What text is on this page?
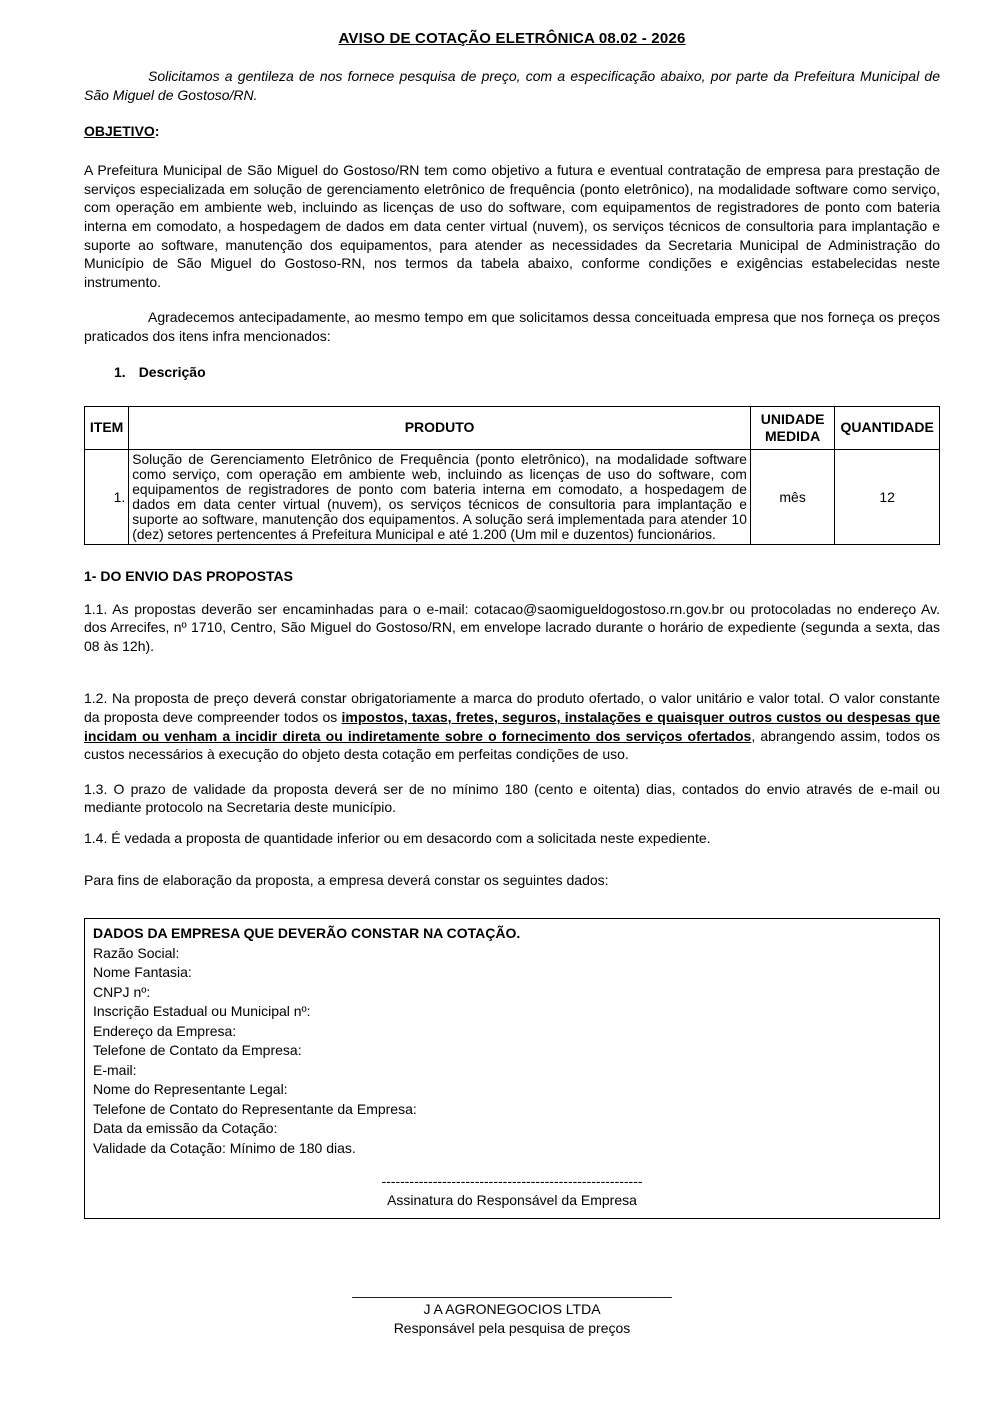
AVISO DE COTAÇÃO ELETRÔNICA 08.02 - 2026

Solicitamos a gentileza de nos fornece pesquisa de preço, com a especificação abaixo, por parte da Prefeitura Municipal de São Miguel de Gostoso/RN.

OBJETIVO:

A Prefeitura Municipal de São Miguel do Gostoso/RN tem como objetivo a futura e eventual contratação de empresa para prestação de serviços especializada em solução de gerenciamento eletrônico de frequência (ponto eletrônico), na modalidade software como serviço, com operação em ambiente web, incluindo as licenças de uso do software, com equipamentos de registradores de ponto com bateria interna em comodato, a hospedagem de dados em data center virtual (nuvem), os serviços técnicos de consultoria para implantação e suporte ao software, manutenção dos equipamentos, para atender as necessidades da Secretaria Municipal de Administração do Município de São Miguel do Gostoso-RN, nos termos da tabela abaixo, conforme condições e exigências estabelecidas neste instrumento.

Agradecemos antecipadamente, ao mesmo tempo em que solicitamos dessa conceituada empresa que nos forneça os preços praticados dos itens infra mencionados:

1. Descrição
ITEM	PRODUTO	UNIDADE MEDIDA	QUANTIDADE
1.	Solução de Gerenciamento Eletrônico de Frequência (ponto eletrônico), na modalidade software como serviço, com operação em ambiente web, incluindo as licenças de uso do software, com equipamentos de registradores de ponto com bateria interna em comodato, a hospedagem de dados em data center virtual (nuvem), os serviços técnicos de consultoria para implantação e suporte ao software, manutenção dos equipamentos. A solução será implementada para atender 10 (dez) setores pertencentes á Prefeitura Municipal e até 1.200 (Um mil e duzentos) funcionários.	mês	12
1- DO ENVIO DAS PROPOSTAS

1.1. As propostas deverão ser encaminhadas para o e-mail: cotacao@saomigueldogostoso.rn.gov.br ou protocoladas no endereço Av. dos Arrecifes, nº 1710, Centro, São Miguel do Gostoso/RN, em envelope lacrado durante o horário de expediente (segunda a sexta, das 08 às 12h).

1.2. Na proposta de preço deverá constar obrigatoriamente a marca do produto ofertado, o valor unitário e valor total. O valor constante da proposta deve compreender todos os impostos, taxas, fretes, seguros, instalações e quaisquer outros custos ou despesas que incidam ou venham a incidir direta ou indiretamente sobre o fornecimento dos serviços ofertados, abrangendo assim, todos os custos necessários à execução do objeto desta cotação em perfeitas condições de uso.

1.3. O prazo de validade da proposta deverá ser de no mínimo 180 (cento e oitenta) dias, contados do envio através de e-mail ou mediante protocolo na Secretaria deste município.

1.4. É vedada a proposta de quantidade inferior ou em desacordo com a solicitada neste expediente.

Para fins de elaboração da proposta, a empresa deverá constar os seguintes dados:

DADOS DA EMPRESA QUE DEVERÃO CONSTAR NA COTAÇÃO.
Razão Social:
Nome Fantasia:
CNPJ nº:
Inscrição Estadual ou Municipal nº:
Endereço da Empresa:
Telefone de Contato da Empresa:
E-mail:
Nome do Representante Legal:
Telefone de Contato do Representante da Empresa:
Data da emissão da Cotação:
Validade da Cotação: Mínimo de 180 dias.
--------------------------------------------------------
Assinatura do Responsável da Empresa
_________________________________________
J A AGRONEGOCIOS LTDA
Responsável pela pesquisa de preços
